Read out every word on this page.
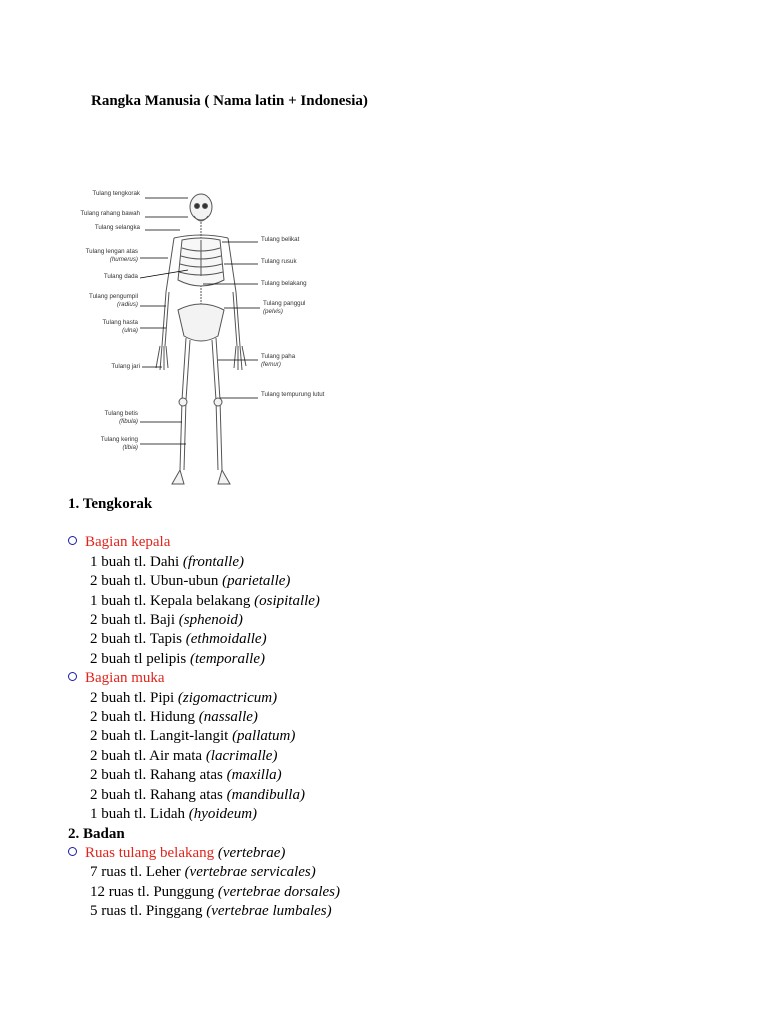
Rangka Manusia ( Nama latin + Indonesia)
Tulang tengkorak
Tulang rahang bawah
Tulang selangka
Tulang lengan atas
(humerus)
Tulang dada
Tulang pengumpil
(radius)
Tulang hasta
(ulna)
Tulang jari
Tulang betis
(fibula)
Tulang kering
(tibia)
Tulang belikat
Tulang rusuk
Tulang belakang
Tulang panggul
(pelvis)
Tulang paha
(femur)
Tulang tempurung lutut
1. Tengkorak
Bagian kepala
1 buah tl. Dahi (frontalle)
2 buah tl. Ubun-ubun (parietalle)
1 buah tl. Kepala belakang (osipitalle)
2 buah tl. Baji (sphenoid)
2 buah tl. Tapis (ethmoidalle)
2 buah tl pelipis (temporalle)
Bagian muka
2 buah tl. Pipi (zigomactricum)
2 buah tl. Hidung (nassalle)
2 buah tl. Langit-langit (pallatum)
2 buah tl. Air mata (lacrimalle)
2 buah tl. Rahang atas (maxilla)
2 buah tl. Rahang atas (mandibulla)
1 buah tl. Lidah (hyoideum)
2. Badan
Ruas tulang belakang (vertebrae)
7 ruas tl. Leher (vertebrae servicales)
12 ruas tl. Punggung (vertebrae dorsales)
5 ruas tl. Pinggang (vertebrae lumbales)
